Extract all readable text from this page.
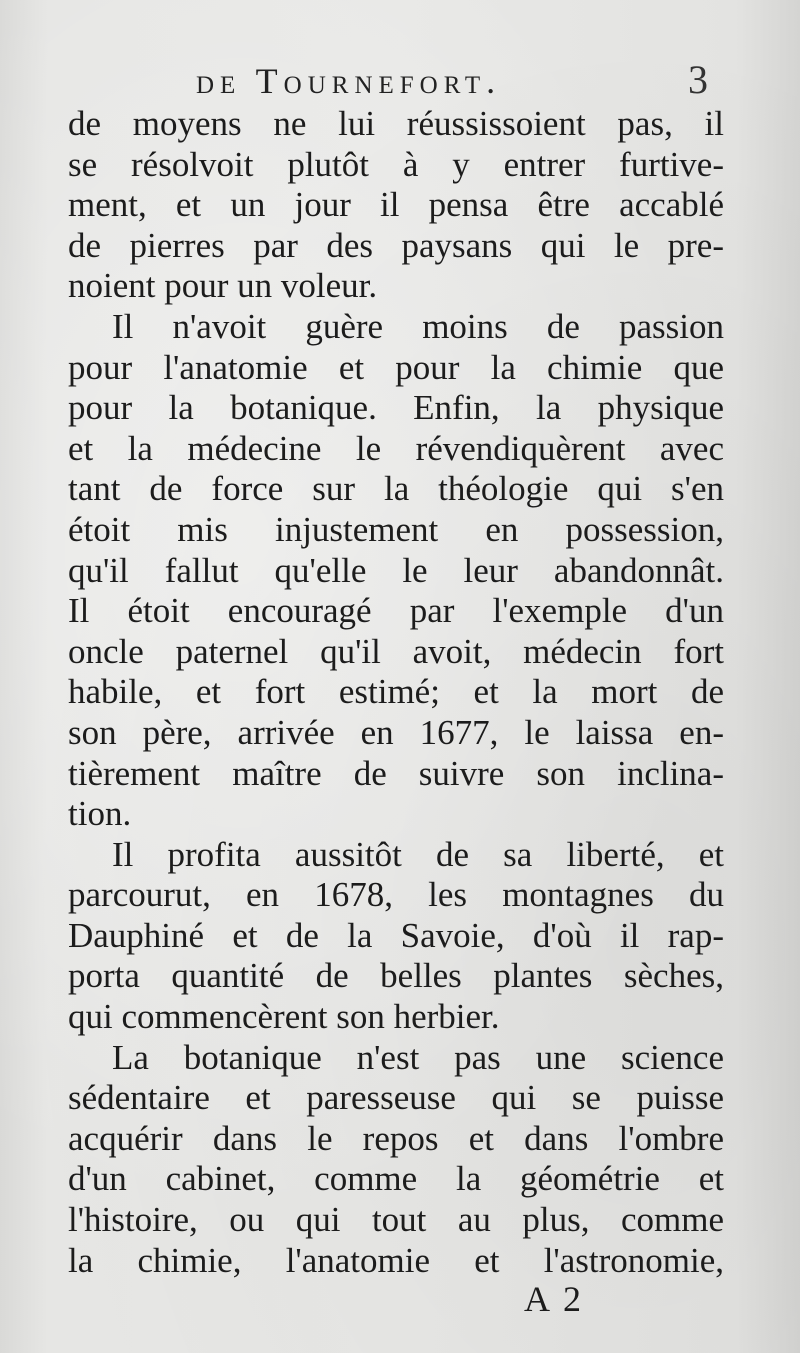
de Tournefort.	3
de moyens ne lui réussissoient pas, il
se résolvoit plutôt à y entrer furtive-
ment, et un jour il pensa être accablé
de pierres par des paysans qui le pre-
noient pour un voleur.
Il n'avoit guère moins de passion
pour l'anatomie et pour la chimie que
pour la botanique. Enfin, la physique
et la médecine le révendiquèrent avec
tant de force sur la théologie qui s'en
étoit mis injustement en possession,
qu'il fallut qu'elle le leur abandonnât.
Il étoit encouragé par l'exemple d'un
oncle paternel qu'il avoit, médecin fort
habile, et fort estimé; et la mort de
son père, arrivée en 1677, le laissa en-
tièrement maître de suivre son inclina-
tion.
Il profita aussitôt de sa liberté, et
parcourut, en 1678, les montagnes du
Dauphiné et de la Savoie, d'où il rap-
porta quantité de belles plantes sèches,
qui commencèrent son herbier.
La botanique n'est pas une science
sédentaire et paresseuse qui se puisse
acquérir dans le repos et dans l'ombre
d'un cabinet, comme la géométrie et
l'histoire, ou qui tout au plus, comme
la chimie, l'anatomie et l'astronomie,
A 2
